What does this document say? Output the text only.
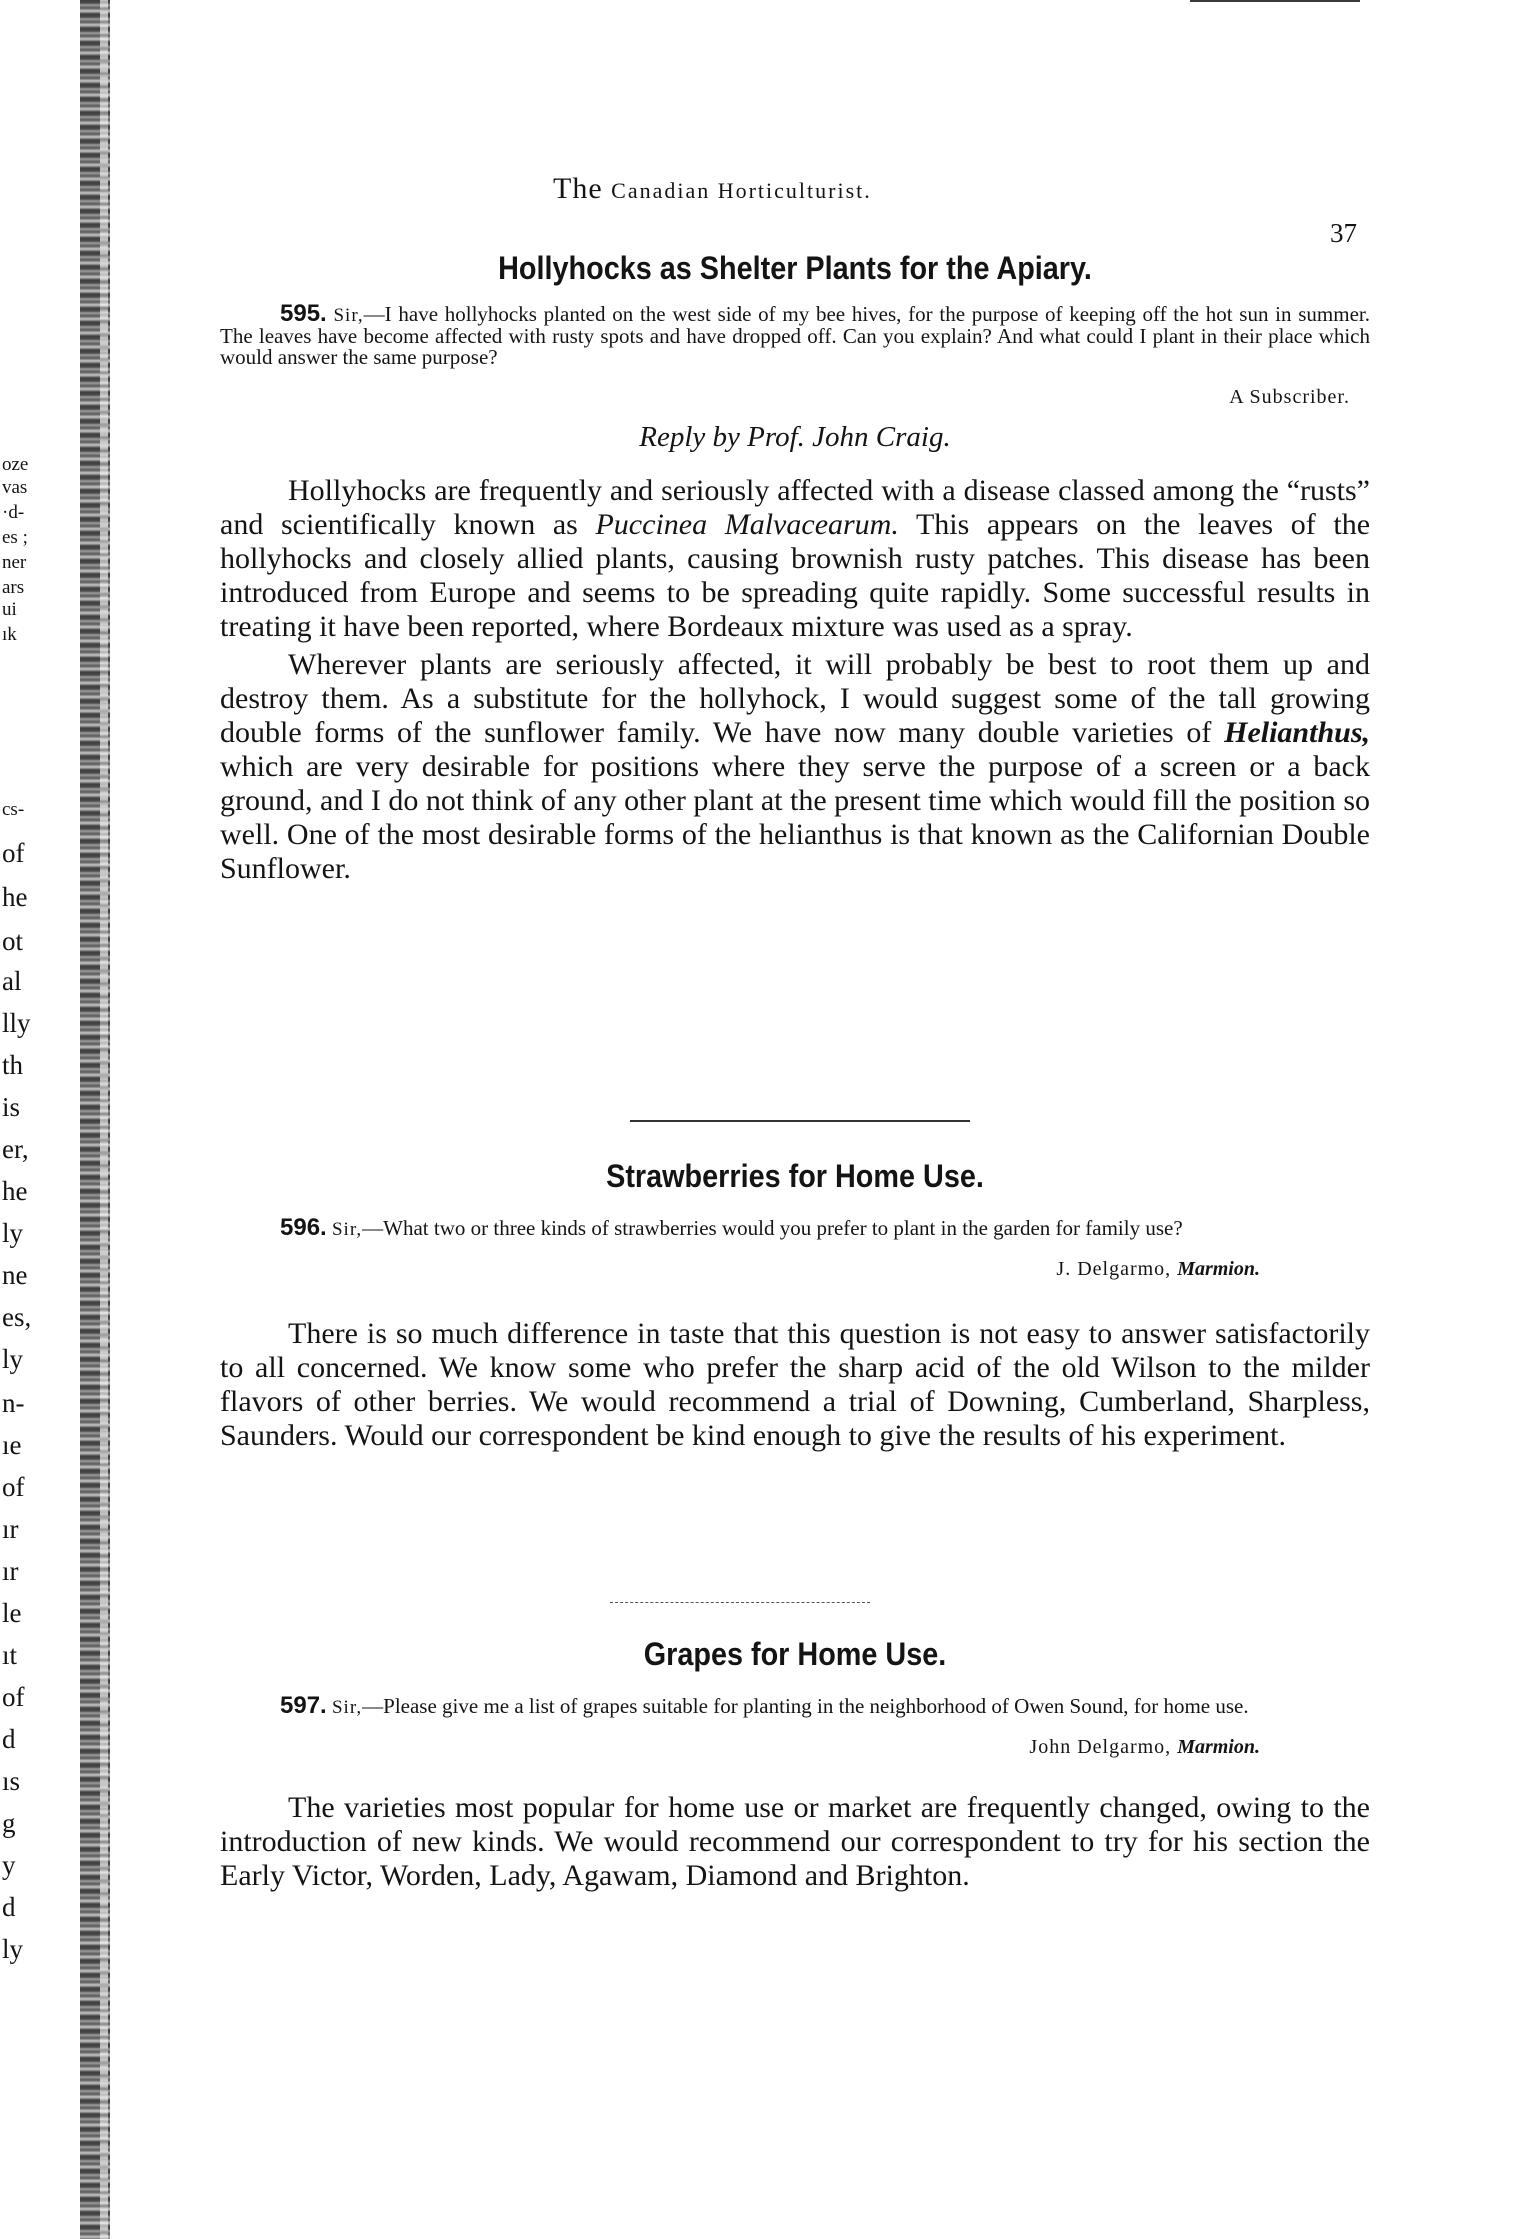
oze
vas
·d-
es ;
ner
ars
ui
ık
cs-
of
he
ot
al
lly
th
is
er,
he
ly
ne
es,
ly
n-
ıe
of
ır
ır
le
ıt
of
d
ıs
g
y
d
ly
The Canadian Horticulturist.
37
Hollyhocks as Shelter Plants for the Apiary.

595. Sir,—I have hollyhocks planted on the west side of my bee hives, for the purpose of keeping off the hot sun in summer. The leaves have become affected with rusty spots and have dropped off. Can you explain? And what could I plant in their place which would answer the same purpose?

A Subscriber.
Reply by Prof. John Craig.

Hollyhocks are frequently and seriously affected with a disease classed among the “rusts” and scientifically known as Puccinea Malvacearum. This appears on the leaves of the hollyhocks and closely allied plants, causing brownish rusty patches. This disease has been introduced from Europe and seems to be spreading quite rapidly. Some successful results in treating it have been reported, where Bordeaux mixture was used as a spray.

Wherever plants are seriously affected, it will probably be best to root them up and destroy them. As a substitute for the hollyhock, I would suggest some of the tall growing double forms of the sunflower family. We have now many double varieties of Helianthus, which are very desirable for positions where they serve the purpose of a screen or a back ground, and I do not think of any other plant at the present time which would fill the position so well. One of the most desirable forms of the helianthus is that known as the Californian Double Sunflower.

Strawberries for Home Use.

596. Sir,—What two or three kinds of strawberries would you prefer to plant in the garden for family use?

J. Delgarmo, Marmion.

There is so much difference in taste that this question is not easy to answer satisfactorily to all concerned. We know some who prefer the sharp acid of the old Wilson to the milder flavors of other berries. We would recommend a trial of Downing, Cumberland, Sharpless, Saunders. Would our correspondent be kind enough to give the results of his experiment.

Grapes for Home Use.

597. Sir,—Please give me a list of grapes suitable for planting in the neighborhood of Owen Sound, for home use.

John Delgarmo, Marmion.

The varieties most popular for home use or market are frequently changed, owing to the introduction of new kinds. We would recommend our correspondent to try for his section the Early Victor, Worden, Lady, Agawam, Diamond and Brighton.
